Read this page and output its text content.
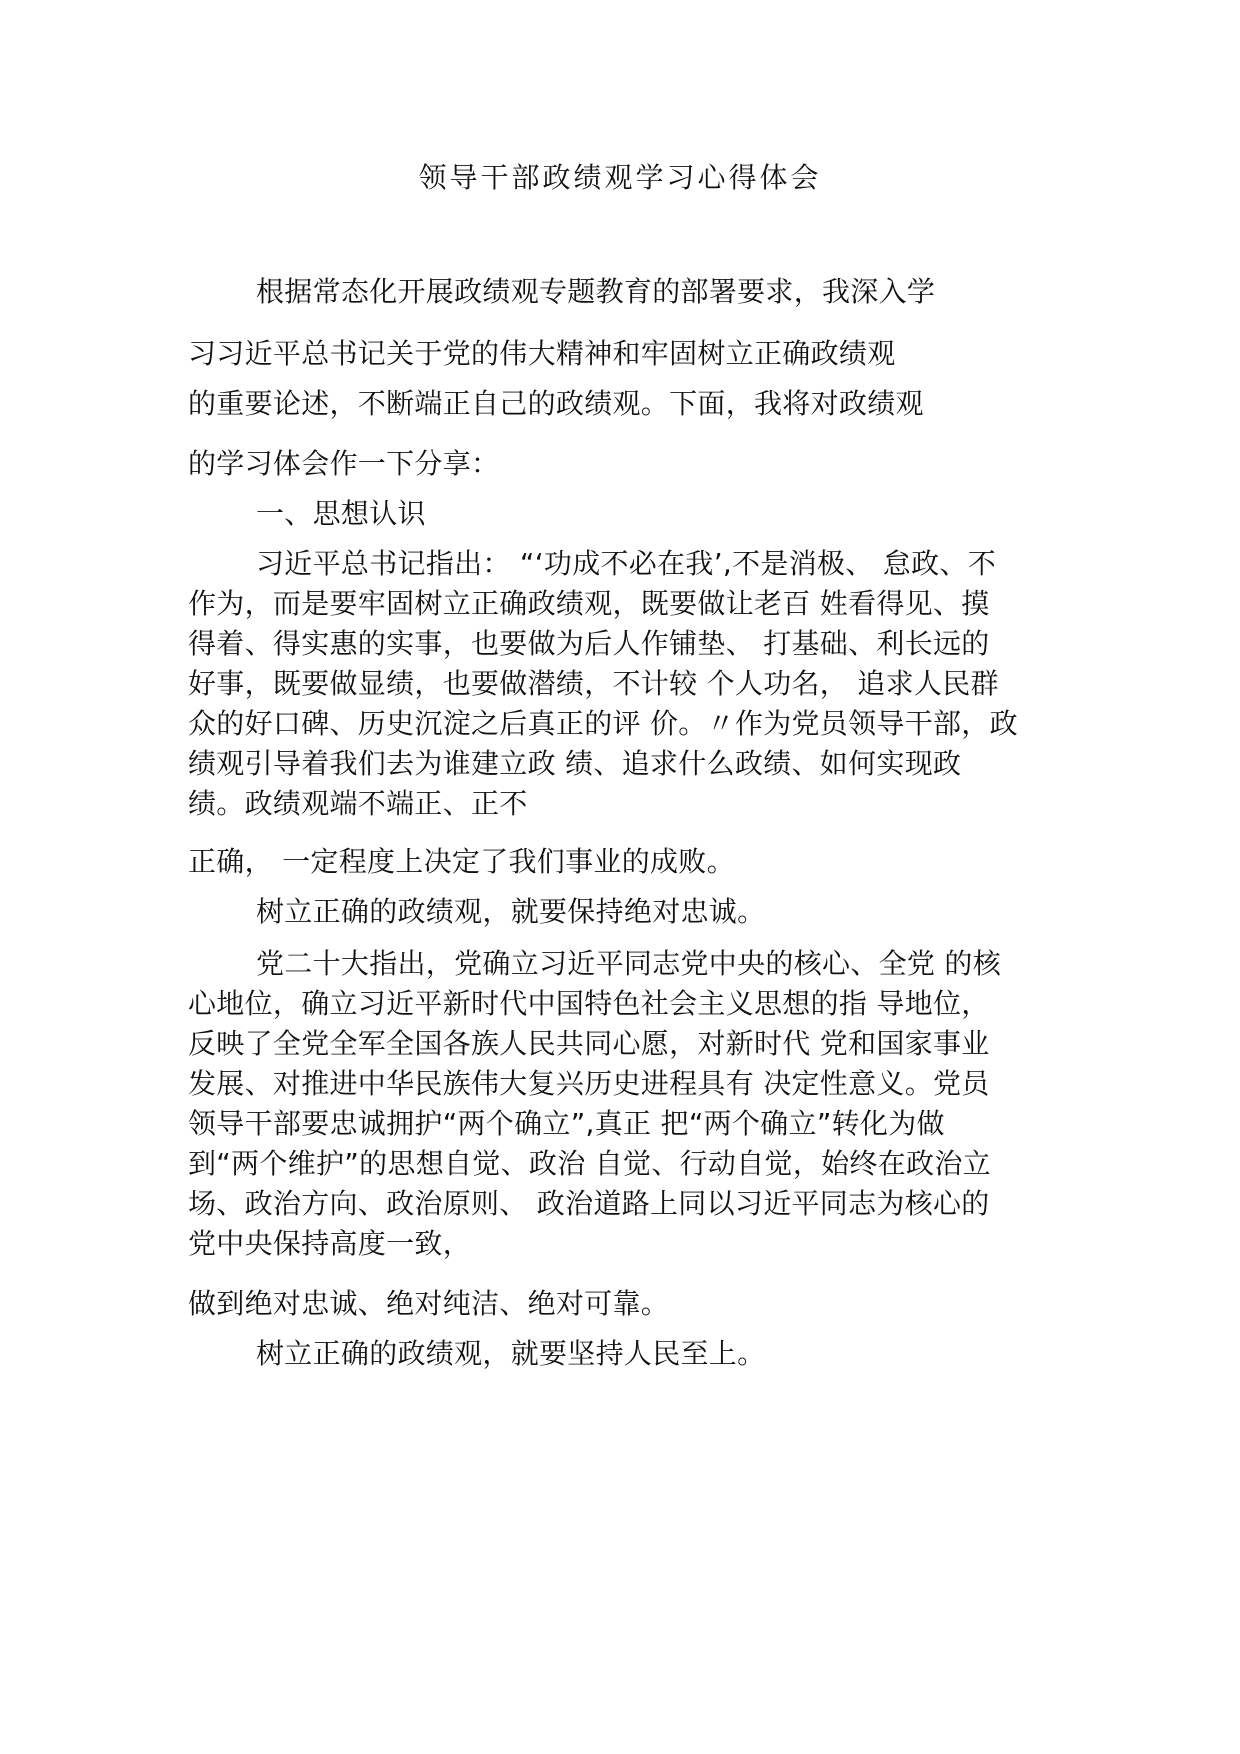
领导干部政绩观学习心得体会
根据常态化开展政绩观专题教育的部署要求，我深入学
习习近平总书记关于党的伟大精神和牢固树立正确政绩观
的重要论述，不断端正自己的政绩观。下面，我将对政绩观
的学习体会作一下分享：
一、思想认识
习近平总书记指出： “‘功成不必在我’,不是消极、 怠政、不
作为，而是要牢固树立正确政绩观，既要做让老百 姓看得见、摸
得着、得实惠的实事，也要做为后人作铺垫、 打基础、利长远的
好事，既要做显绩，也要做潜绩，不计较 个人功名， 追求人民群
众的好口碑、历史沉淀之后真正的评 价。〃作为党员领导干部，政
绩观引导着我们去为谁建立政 绩、追求什么政绩、如何实现政
绩。政绩观端不端正、正不
正确， 一定程度上决定了我们事业的成败。
树立正确的政绩观，就要保持绝对忠诚。
党二十大指出，党确立习近平同志党中央的核心、全党 的核
心地位，确立习近平新时代中国特色社会主义思想的指 导地位，
反映了全党全军全国各族人民共同心愿，对新时代 党和国家事业
发展、对推进中华民族伟大复兴历史进程具有 决定性意义。党员
领导干部要忠诚拥护“两个确立”,真正 把“两个确立”转化为做
到“两个维护”的思想自觉、政治 自觉、行动自觉，始终在政治立
场、政治方向、政治原则、 政治道路上同以习近平同志为核心的
党中央保持高度一致，
做到绝对忠诚、绝对纯洁、绝对可靠。
树立正确的政绩观，就要坚持人民至上。
